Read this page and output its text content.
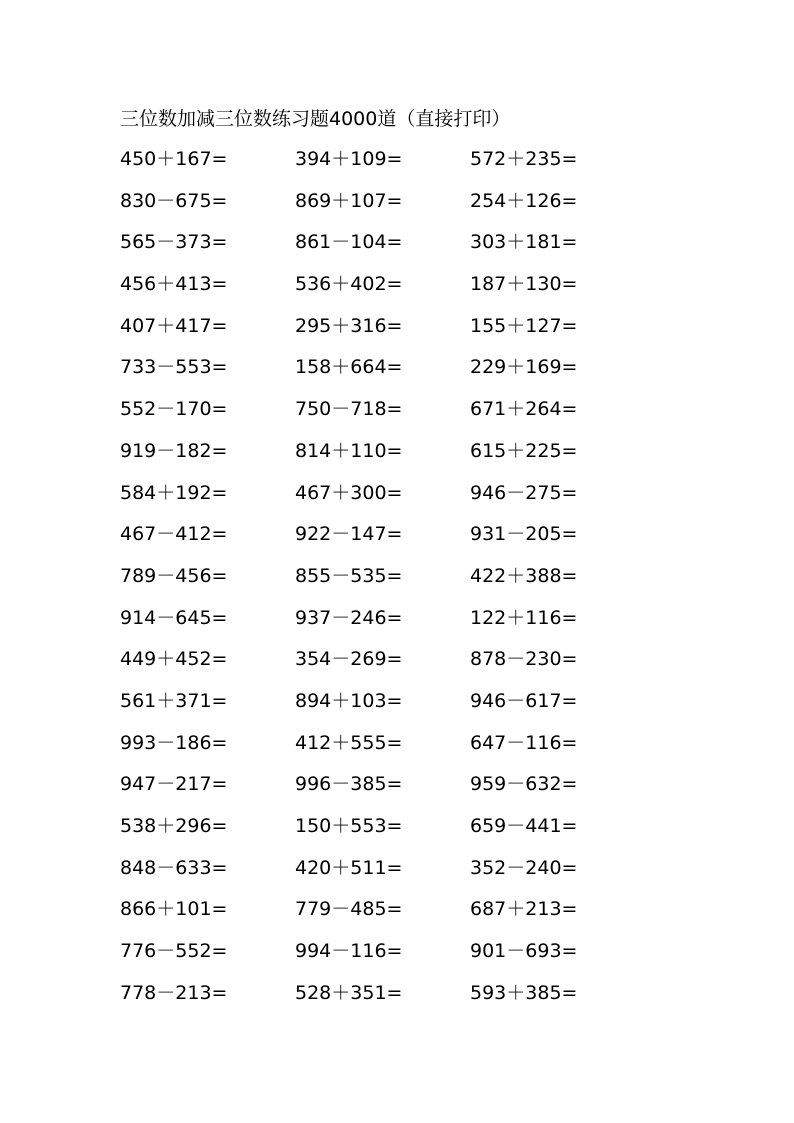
三位数加减三位数练习题4000道（直接打印）
450＋167=	394＋109=	572＋235=
830－675=	869＋107=	254＋126=
565－373=	861－104=	303＋181=
456＋413=	536＋402=	187＋130=
407＋417=	295＋316=	155＋127=
733－553=	158＋664=	229＋169=
552－170=	750－718=	671＋264=
919－182=	814＋110=	615＋225=
584＋192=	467＋300=	946－275=
467－412=	922－147=	931－205=
789－456=	855－535=	422＋388=
914－645=	937－246=	122＋116=
449＋452=	354－269=	878－230=
561＋371=	894＋103=	946－617=
993－186=	412＋555=	647－116=
947－217=	996－385=	959－632=
538＋296=	150＋553=	659－441=
848－633=	420＋511=	352－240=
866＋101=	779－485=	687＋213=
776－552=	994－116=	901－693=
778－213=	528＋351=	593＋385=
